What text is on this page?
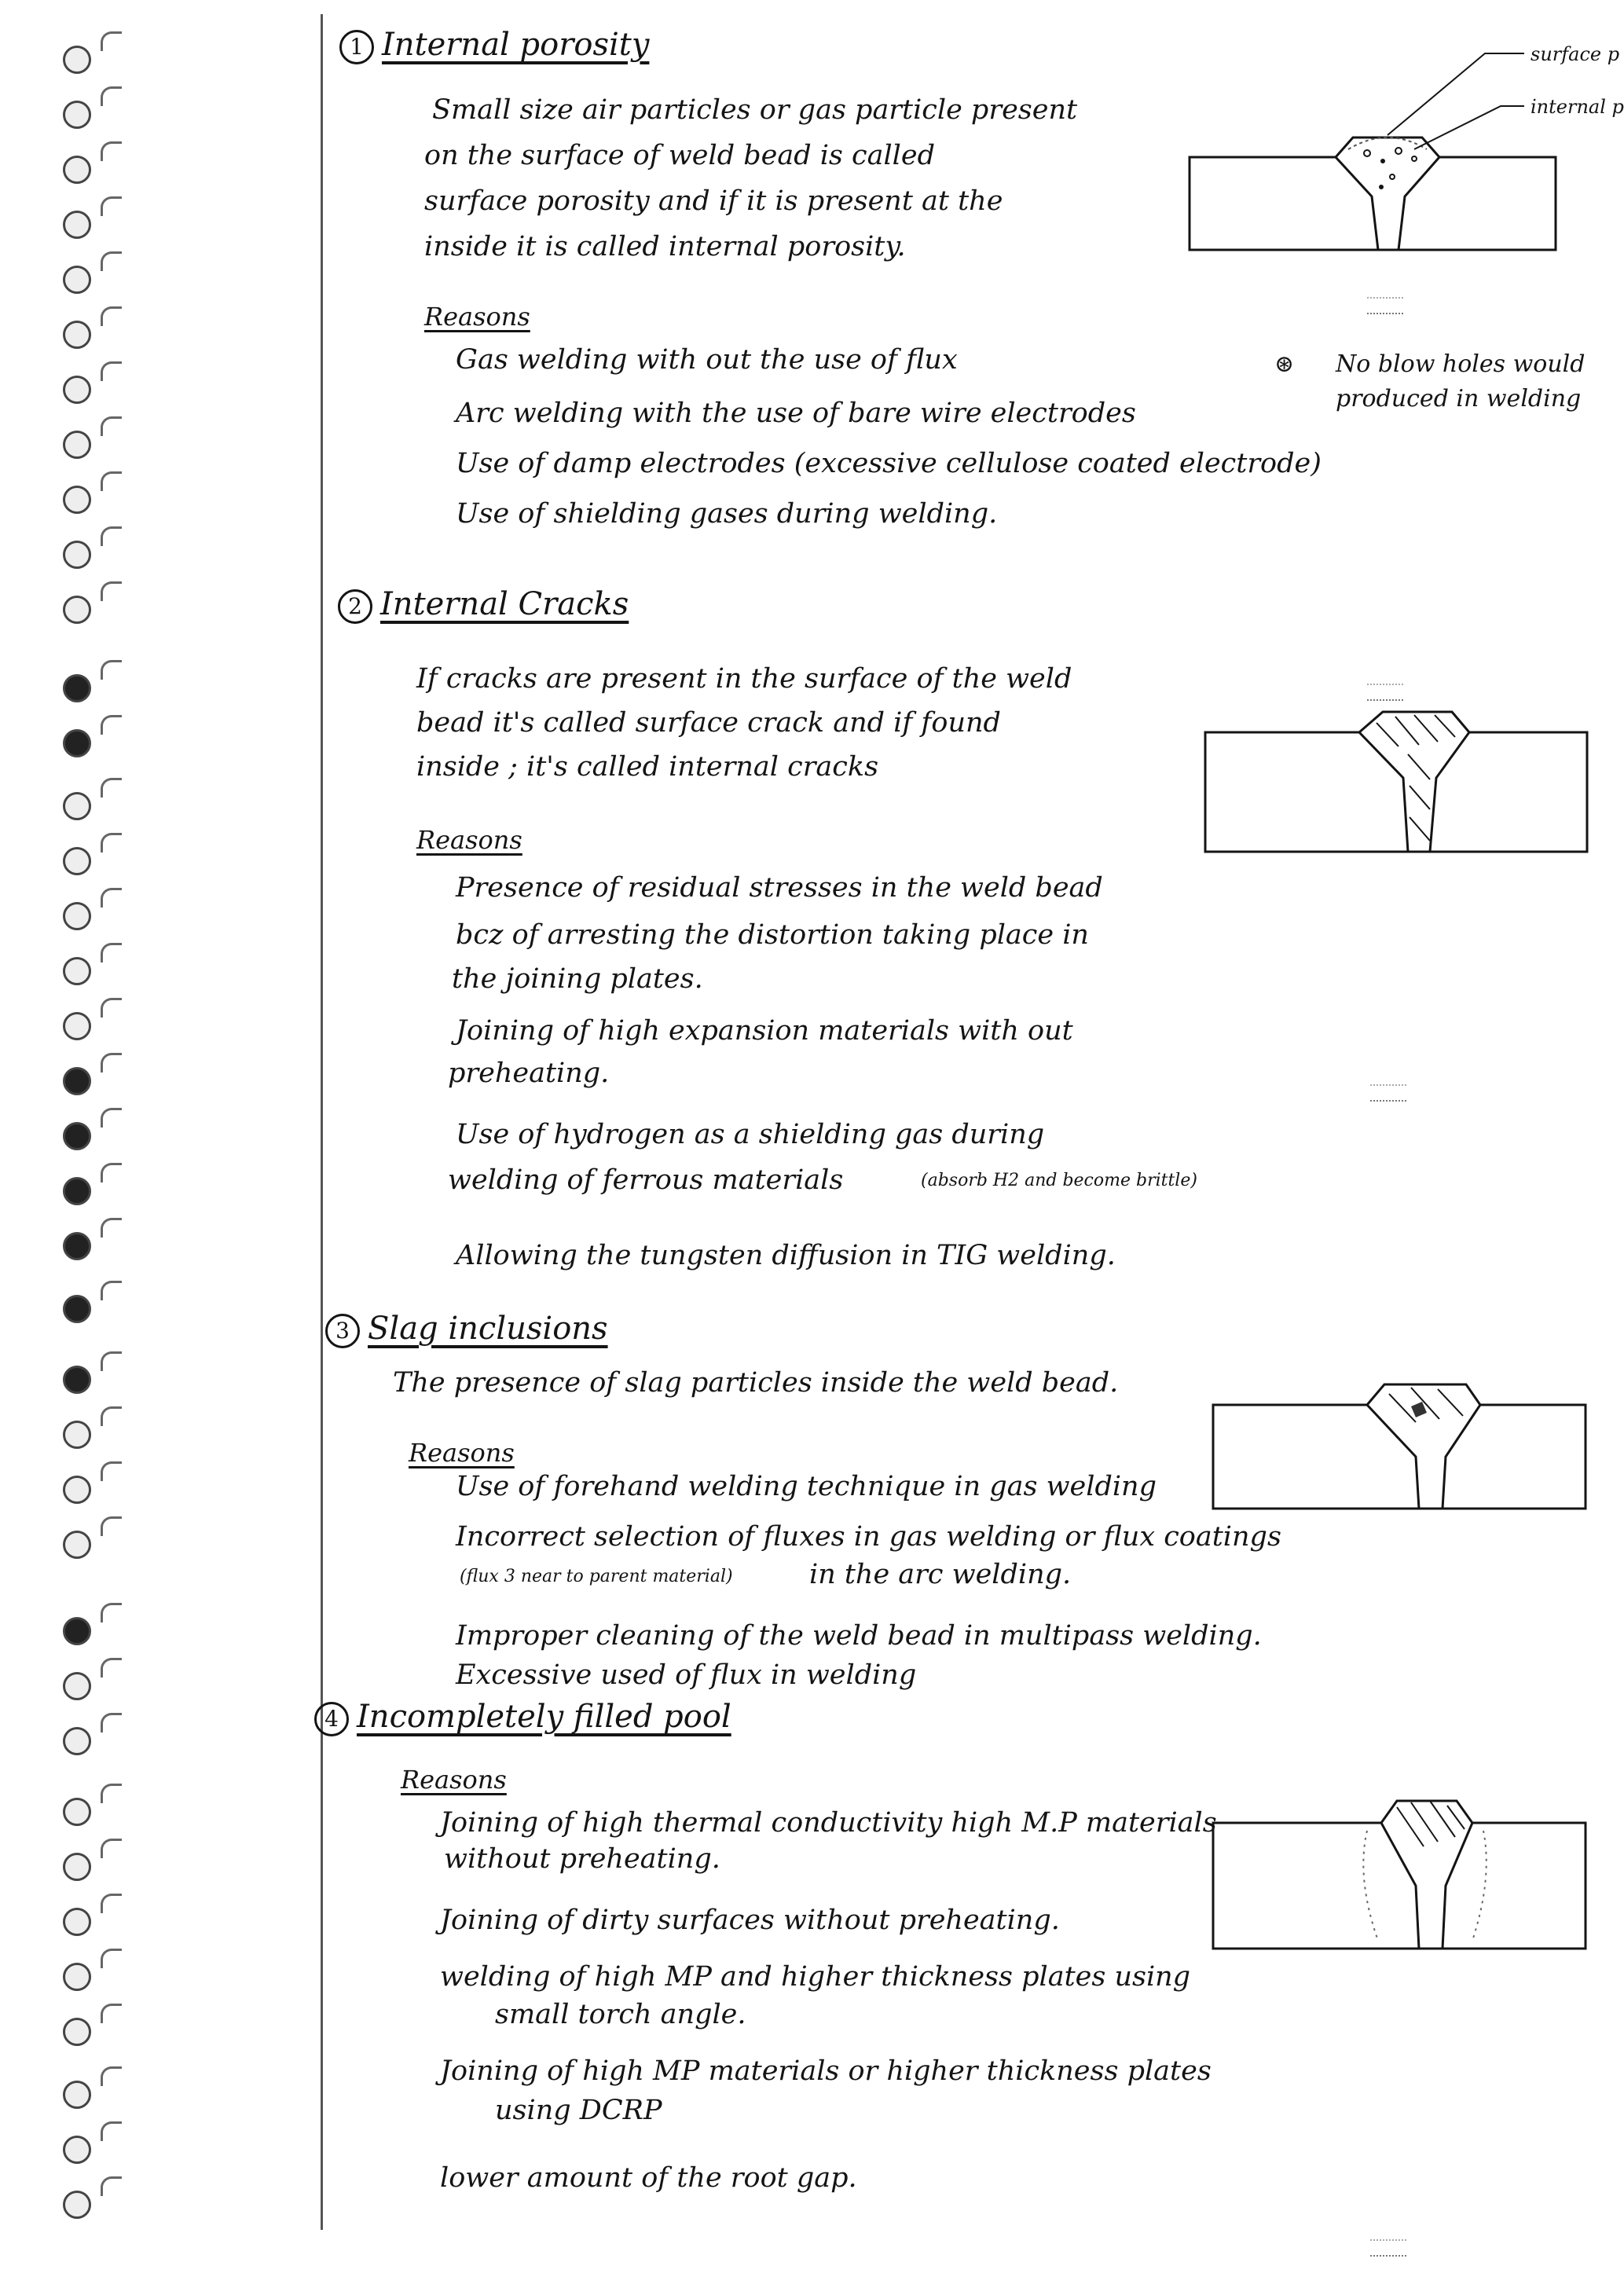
1 Internal porosity
Small size air particles or gas particle present
on the surface of weld bead is called
surface porosity and if it is present at the
inside it is called internal porosity.
Reasons
Gas welding with out the use of flux
Arc welding with the use of bare wire electrodes
Use of damp electrodes (excessive cellulose coated electrode)
Use of shielding gases during welding.
surface p
internal p
⊛ No blow holes would
produced in welding
2 Internal Cracks
If cracks are present in the surface of the weld
bead it's called surface crack and if found
inside ; it's called internal cracks
Reasons
Presence of residual stresses in the weld bead
bcz of arresting the distortion taking place in
the joining plates.
Joining of high expansion materials with out
preheating.
Use of hydrogen as a shielding gas during
welding of ferrous materials	(absorb H2 and become brittle)
Allowing the tungsten diffusion in TIG welding.
3 Slag inclusions
The presence of slag particles inside the weld bead.
Reasons
Use of forehand welding technique in gas welding
Incorrect selection of fluxes in gas welding or flux coatings
(flux 3 near to parent material)	in the arc welding.
Improper cleaning of the weld bead in multipass welding.
Excessive used of flux in welding
4 Incompletely filled pool
Reasons
Joining of high thermal conductivity high M.P materials
without preheating.
Joining of dirty surfaces without preheating.
welding of high MP and higher thickness plates using
small torch angle.
Joining of high MP materials or higher thickness plates
using DCRP
lower amount of the root gap.
